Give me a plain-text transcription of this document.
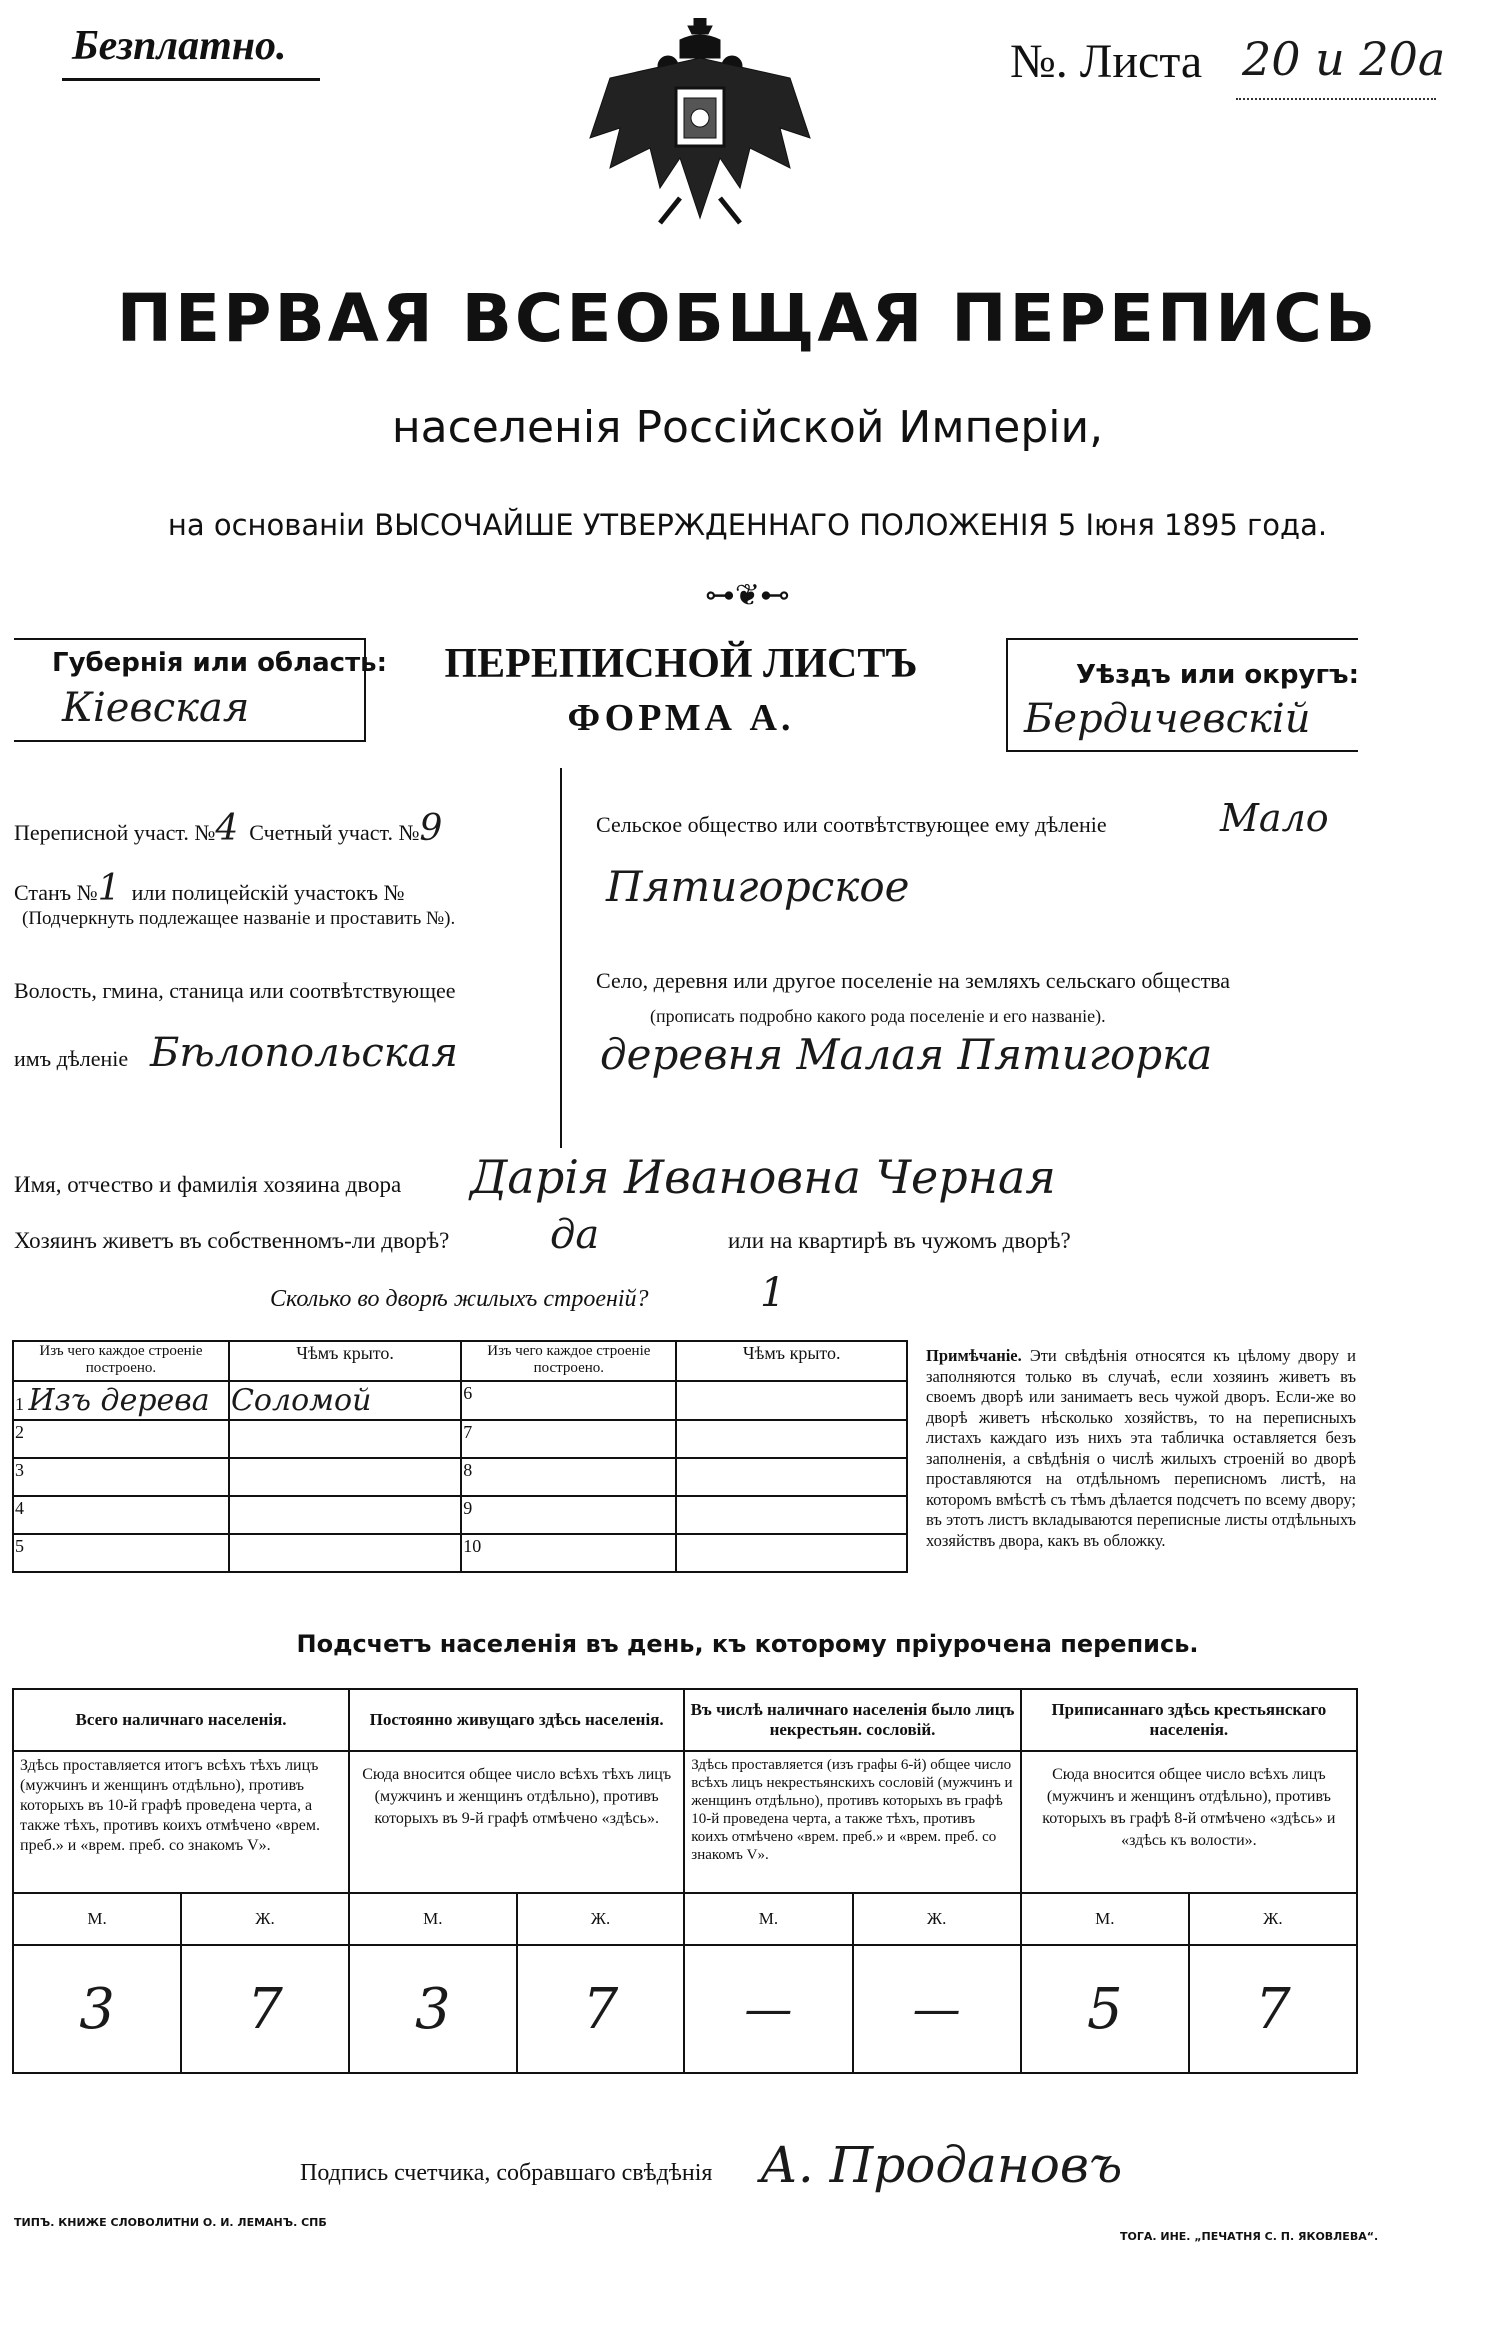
Безплатно.	№. Листа 20 и 20а
ПЕРВАЯ ВСЕОБЩАЯ ПЕРЕПИСЬ
населенія Россійской Имперіи,
на основаніи ВЫСОЧАЙШЕ УТВЕРЖДЕННАГО ПОЛОЖЕНІЯ 5 Іюня 1895 года.
⊶❦⊷
Губернія или область:
Кіевская
ПЕРЕПИСНОЙ ЛИСТЪ
ФОРМА А.
Уѣздъ или округъ:
Бердичевскій
Переписной участ. №4 Счетный участ. №9
Станъ №1 или полицейскій участокъ №
(Подчеркнуть подлежащее названіе и проставить №).
Волость, гмина, станица или соотвѣтствующее
имъ дѣленіе Бѣлопольская
Сельское общество или соотвѣтствующее ему дѣленіе	Мало
Пятигорское
Село, деревня или другое поселеніе на земляхъ сельскаго общества
(прописать подробно какого рода поселеніе и его названіе).
деревня Малая Пятигорка
Имя, отчество и фамилія хозяина двора Дарія Ивановна Черная
Хозяинъ живетъ въ собственномъ-ли дворѣ?	да	или на квартирѣ въ чужомъ дворѣ?
Сколько во дворѣ жилыхъ строеній?	1
Изъ чего каждое строеніе построено.	Чѣмъ крыто.	Изъ чего каждое строеніе построено.	Чѣмъ крыто.
1 Изъ дерева	Соломой	6	
2		7	
3		8	
4		9	
5		10	
Примѣчаніе. Эти свѣдѣнія относятся къ цѣлому двору и заполняются только въ случаѣ, если хозяинъ живетъ въ своемъ дворѣ или занимаетъ весь чужой дворъ. Если-же во дворѣ живетъ нѣсколько хозяйствъ, то на переписныхъ листахъ каждаго изъ нихъ эта табличка оставляется безъ заполненія, а свѣдѣнія о числѣ жилыхъ строеній во дворѣ проставляются на отдѣльномъ переписномъ листѣ, на которомъ вмѣстѣ съ тѣмъ дѣлается подсчетъ по всему двору; въ этотъ листъ вкладываются переписные листы отдѣльныхъ хозяйствъ двора, какъ въ обложку.
Подсчетъ населенія въ день, къ которому пріурочена перепись.
Всего наличнаго населенія.		Постоянно живущаго здѣсь населенія.		Въ числѣ наличнаго населенія было лицъ некрестьян. сословій.		Приписаннаго здѣсь крестьянскаго населенія.	
Здѣсь проставляется итогъ всѣхъ тѣхъ лицъ (мужчинъ и женщинъ отдѣльно), противъ которыхъ въ 10-й графѣ проведена черта, а также тѣхъ, противъ коихъ отмѣчено «врем. преб.» и «врем. преб. со знакомъ V».		Сюда вносится общее число всѣхъ тѣхъ лицъ (мужчинъ и женщинъ отдѣльно), противъ которыхъ въ 9-й графѣ отмѣчено «здѣсь».		Здѣсь проставляется (изъ графы 6-й) общее число всѣхъ лицъ некрестьянскихъ сословій (мужчинъ и женщинъ отдѣльно), противъ которыхъ въ графѣ 10-й проведена черта, а также тѣхъ, противъ коихъ отмѣчено «врем. преб.» и «врем. преб. со знакомъ V».		Сюда вносится общее число всѣхъ лицъ (мужчинъ и женщинъ отдѣльно), противъ которыхъ въ графѣ 8-й отмѣчено «здѣсь» и «здѣсь къ волости».	
М.	Ж.	М.	Ж.	М.	Ж.	М.	Ж.
3	7	3	7	—	—	5	7
Подпись счетчика, собравшаго свѣдѣнія А. Продановъ
ТИПЪ. КНИЖЕ СЛОВОЛИТНИ О. И. ЛЕМАНЪ. СПБ
ТОГА. ИНЕ. „ПЕЧАТНЯ С. П. ЯКОВЛЕВА“.
